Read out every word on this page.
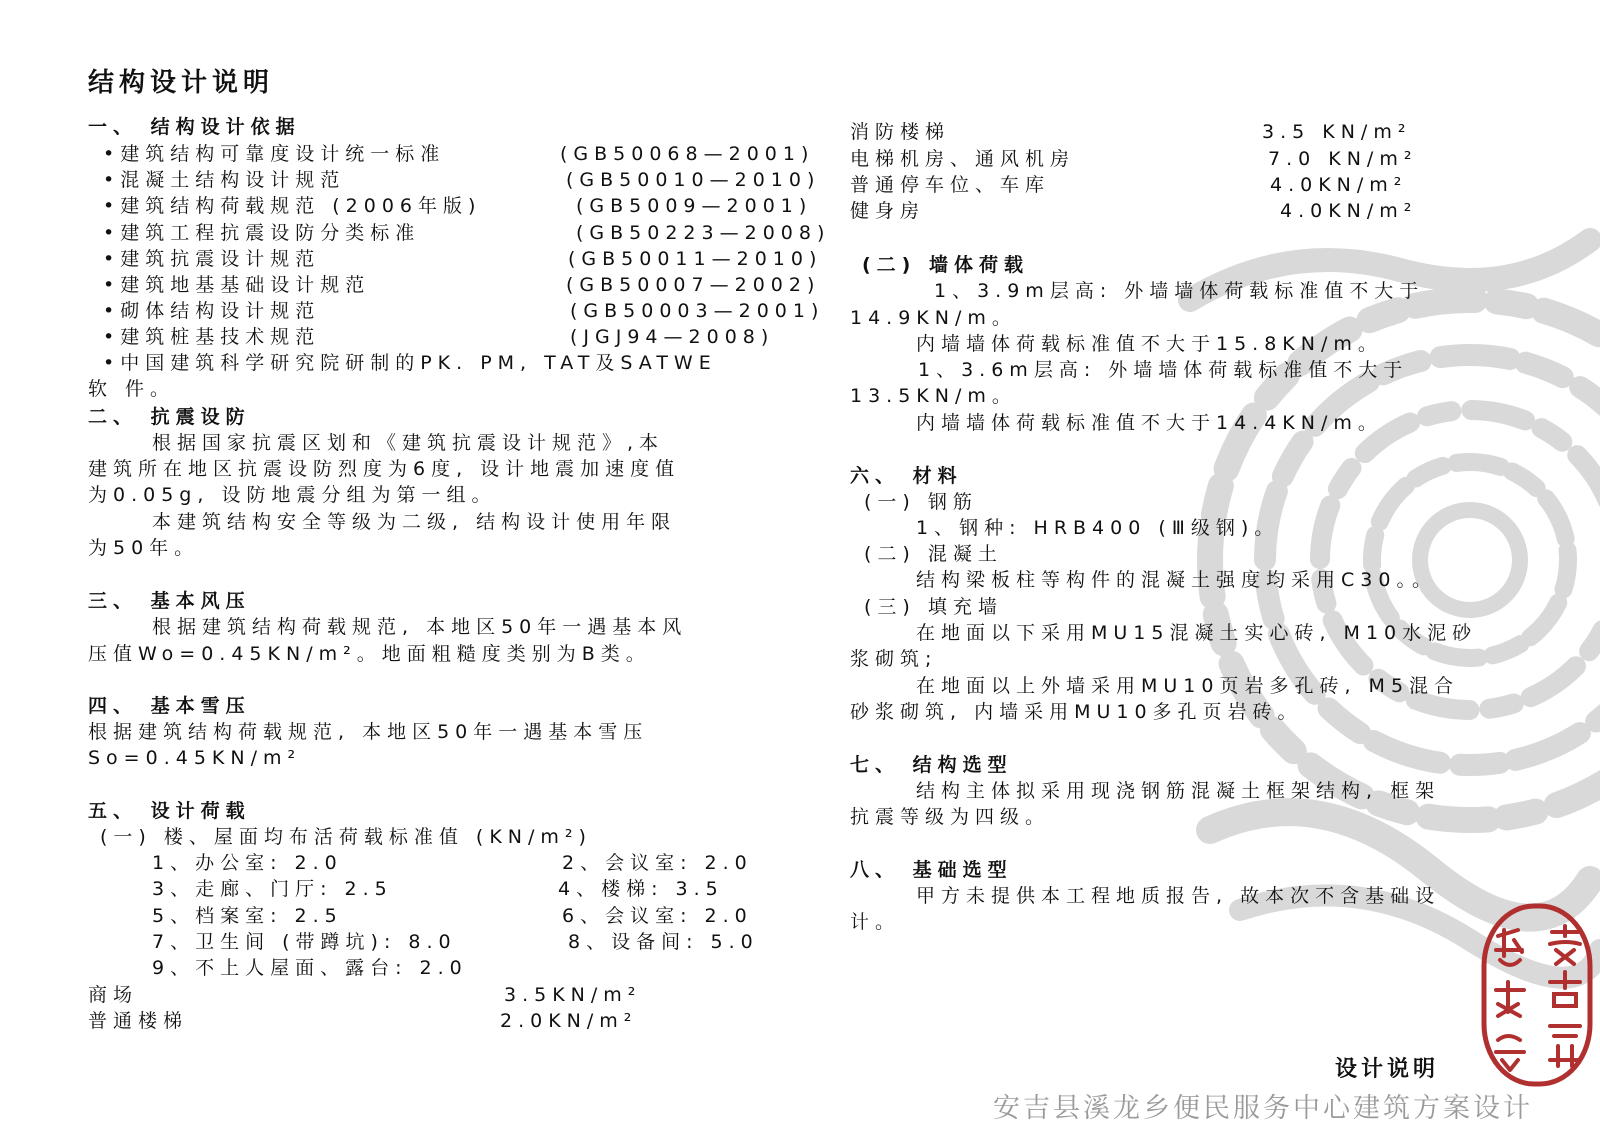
结构设计说明
一、 结构设计依据
•建筑结构可靠度设计统一标准	(GB50068—2001)
•混凝土结构设计规范	(GB50010—2010)
•建筑结构荷载规范 (2006年版)	(GB5009—2001)
•建筑工程抗震设防分类标准	(GB50223—2008)
•建筑抗震设计规范	(GB50011—2010)
•建筑地基基础设计规范	(GB50007—2002)
•砌体结构设计规范	(GB50003—2001)
•建筑桩基技术规范	(JGJ94—2008)
•中国建筑科学研究院研制的PK. PM, TAT及SATWE
软 件。
二、 抗震设防
根据国家抗震区划和《建筑抗震设计规范》,本
建筑所在地区抗震设防烈度为6度, 设计地震加速度值
为0.05g, 设防地震分组为第一组。
本建筑结构安全等级为二级, 结构设计使用年限
为50年。
三、 基本风压
根据建筑结构荷载规范, 本地区50年一遇基本风
压值Wo=0.45KN/m²。地面粗糙度类别为B类。
四、 基本雪压
根据建筑结构荷载规范, 本地区50年一遇基本雪压
So=0.45KN/m²
五、 设计荷载
(一) 楼、屋面均布活荷载标准值 (KN/m²)
1、办公室: 2.0	2、会议室: 2.0
3、走廊、门厅: 2.5	4、楼梯: 3.5
5、档案室: 2.5	6、会议室: 2.0
7、卫生间 (带蹲坑): 8.0	8、设备间: 5.0
9、不上人屋面、露台: 2.0
商场	3.5KN/m²
普通楼梯	2.0KN/m²
消防楼梯	3.5 KN/m²
电梯机房、通风机房	7.0 KN/m²
普通停车位、车库	4.0KN/m²
健身房	4.0KN/m²
(二) 墙体荷载
1、3.9m层高: 外墙墙体荷载标准值不大于
14.9KN/m。
内墙墙体荷载标准值不大于15.8KN/m。
1、3.6m层高: 外墙墙体荷载标准值不大于
13.5KN/m。
内墙墙体荷载标准值不大于14.4KN/m。
六、 材料
(一) 钢筋
1、钢种: HRB400 (Ⅲ级钢)。
(二) 混凝土
结构梁板柱等构件的混凝土强度均采用C30。。
(三) 填充墙
在地面以下采用MU15混凝土实心砖, M10水泥砂
浆砌筑;
在地面以上外墙采用MU10页岩多孔砖, M5混合
砂浆砌筑, 内墙采用MU10多孔页岩砖。
七、 结构选型
结构主体拟采用现浇钢筋混凝土框架结构, 框架
抗震等级为四级。
八、 基础选型
甲方未提供本工程地质报告, 故本次不含基础设
计。
设计说明
安吉县溪龙乡便民服务中心建筑方案设计
